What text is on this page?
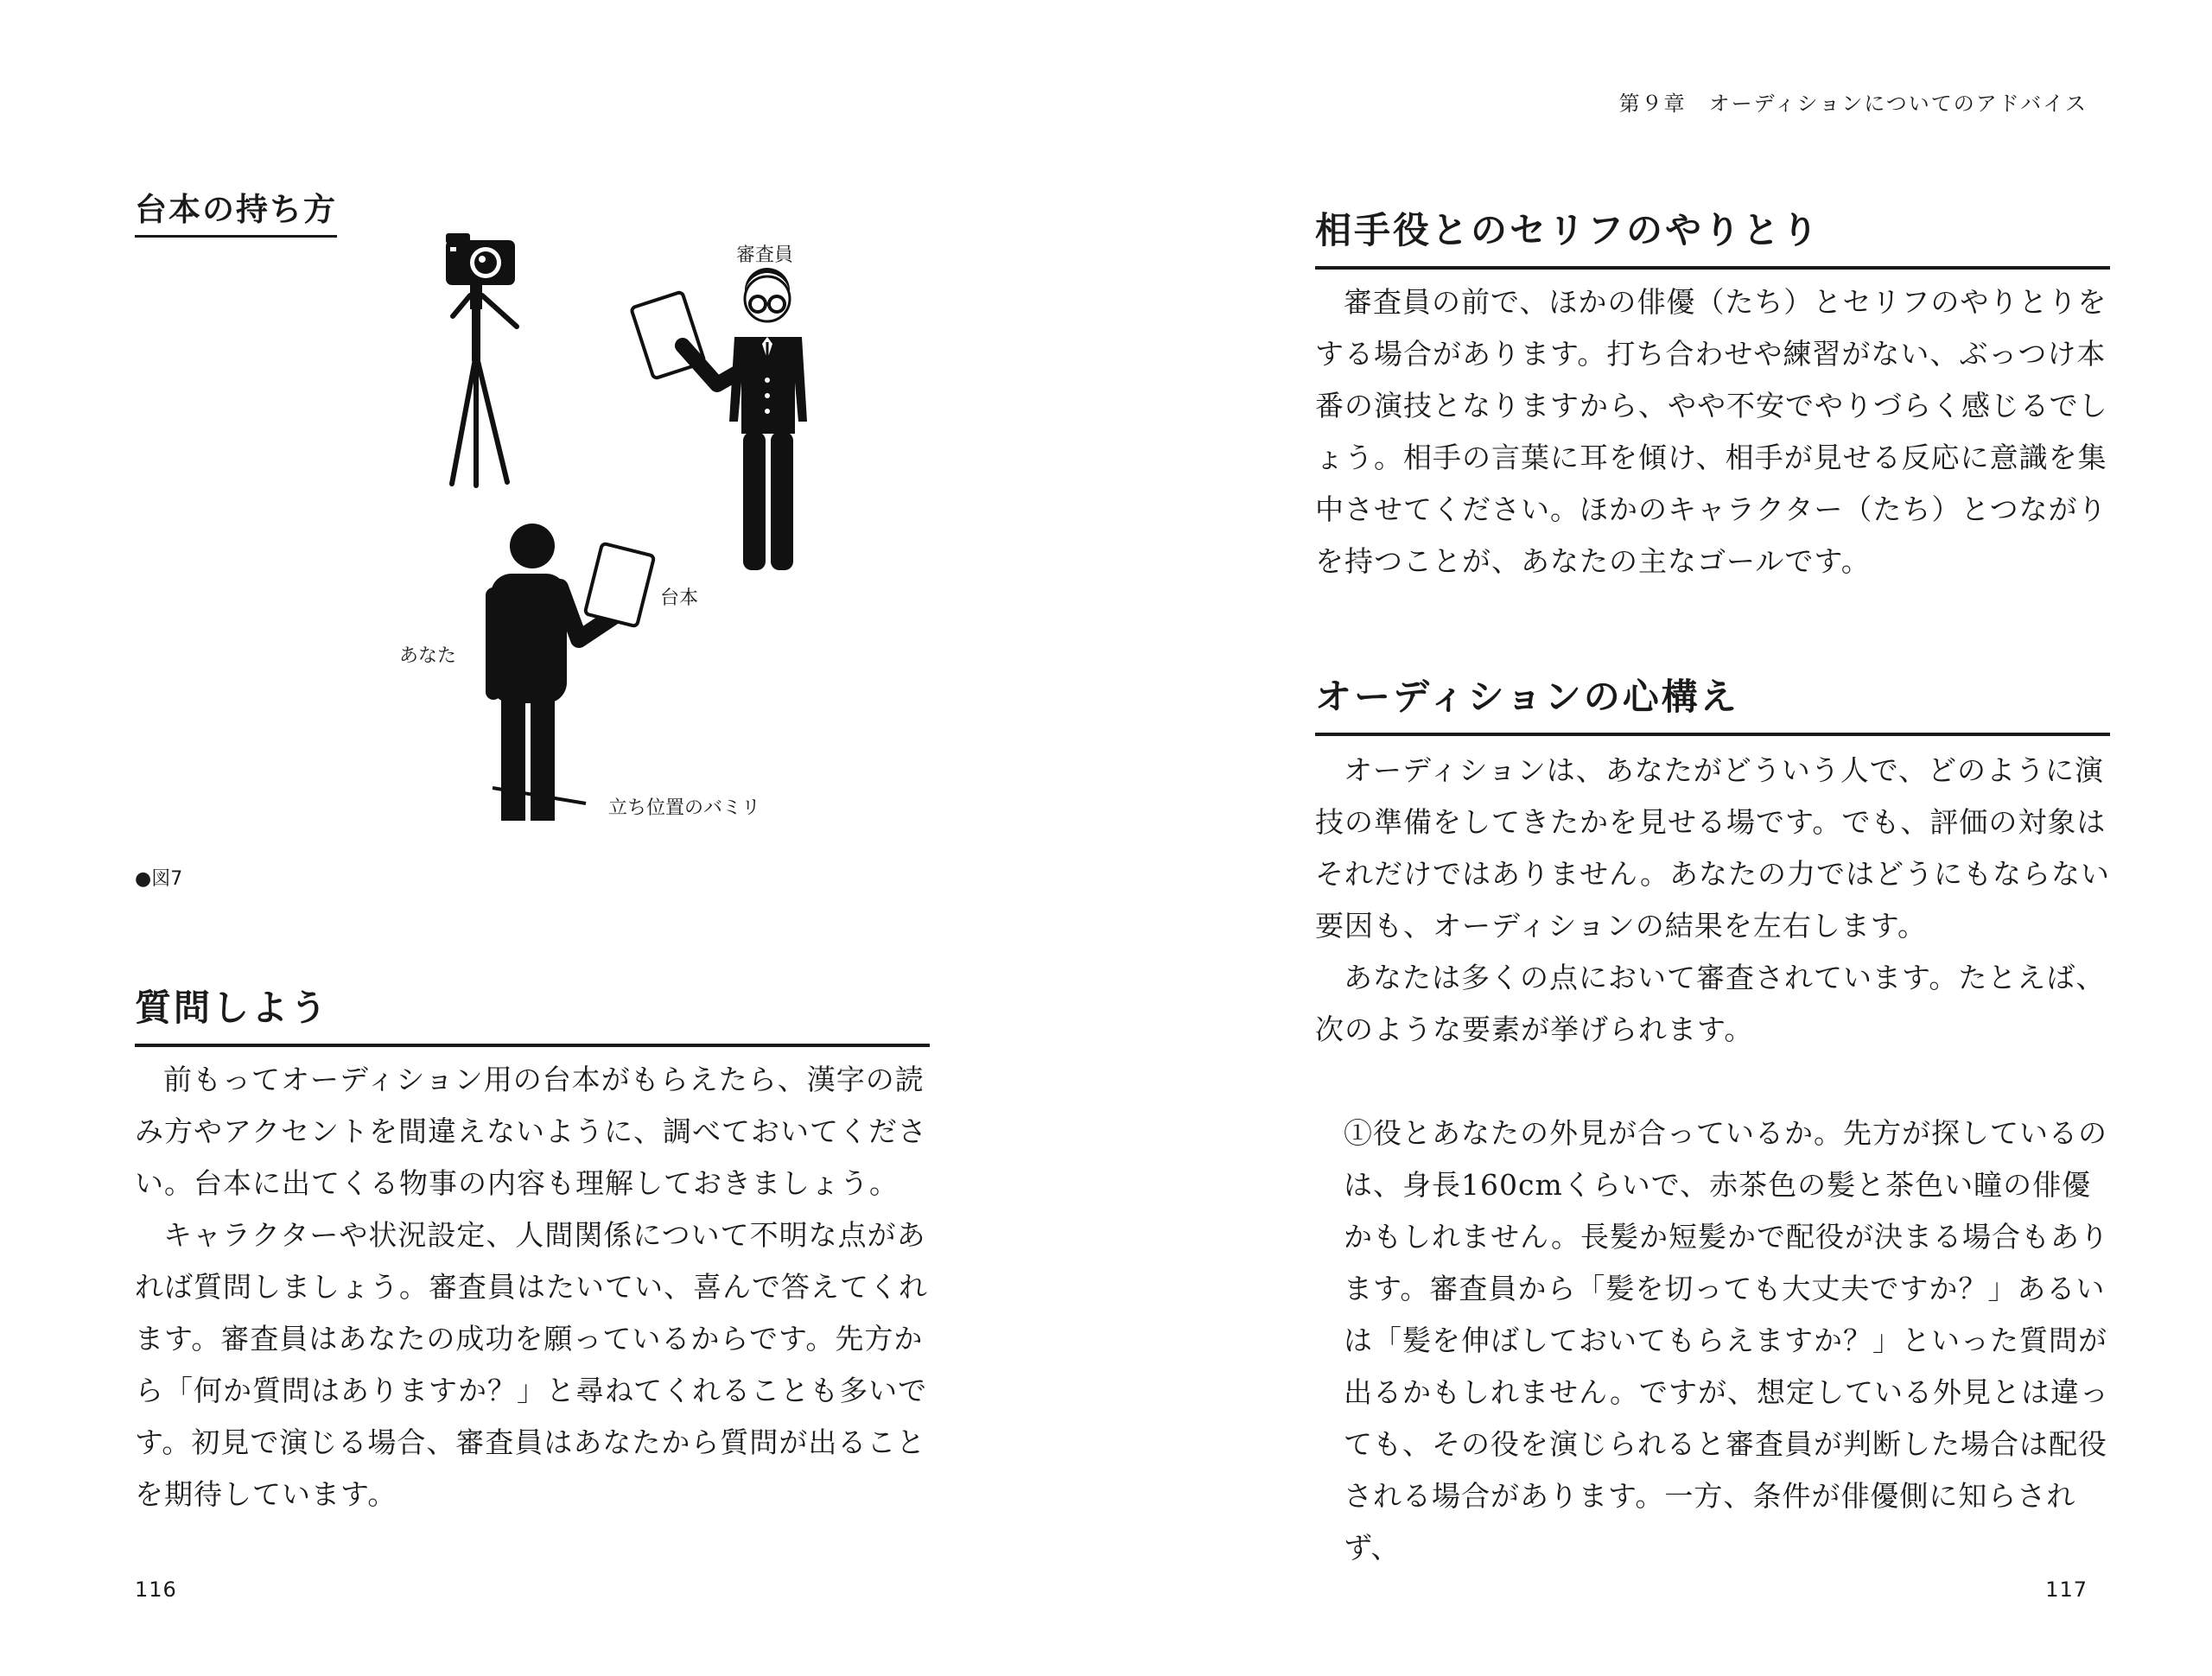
台本の持ち方
審査員
台本
あなた
立ち位置のバミリ
●図7
質問しよう

前もってオーディション用の台本がもらえたら、漢字の読み方やアクセントを間違えないように、調べておいてください。台本に出てくる物事の内容も理解しておきましょう。

キャラクターや状況設定、人間関係について不明な点があれば質問しましょう。審査員はたいてい、喜んで答えてくれます。審査員はあなたの成功を願っているからです。先方から「何か質問はありますか？」と尋ねてくれることも多いです。初見で演じる場合、審査員はあなたから質問が出ることを期待しています。

116
第９章　オーディションについてのアドバイス
相手役とのセリフのやりとり

審査員の前で、ほかの俳優（たち）とセリフのやりとりをする場合があります。打ち合わせや練習がない、ぶっつけ本番の演技となりますから、やや不安でやりづらく感じるでしょう。相手の言葉に耳を傾け、相手が見せる反応に意識を集中させてください。ほかのキャラクター（たち）とつながりを持つことが、あなたの主なゴールです。

オーディションの心構え

オーディションは、あなたがどういう人で、どのように演技の準備をしてきたかを見せる場です。でも、評価の対象はそれだけではありません。あなたの力ではどうにもならない要因も、オーディションの結果を左右します。

あなたは多くの点において審査されています。たとえば、次のような要素が挙げられます。

①役とあなたの外見が合っているか。先方が探しているのは、身長160cmくらいで、赤茶色の髪と茶色い瞳の俳優かもしれません。長髪か短髪かで配役が決まる場合もあります。審査員から「髪を切っても大丈夫ですか？」あるいは「髪を伸ばしておいてもらえますか？」といった質問が出るかもしれません。ですが、想定している外見とは違っても、その役を演じられると審査員が判断した場合は配役される場合があります。一方、条件が俳優側に知らされず、

117
